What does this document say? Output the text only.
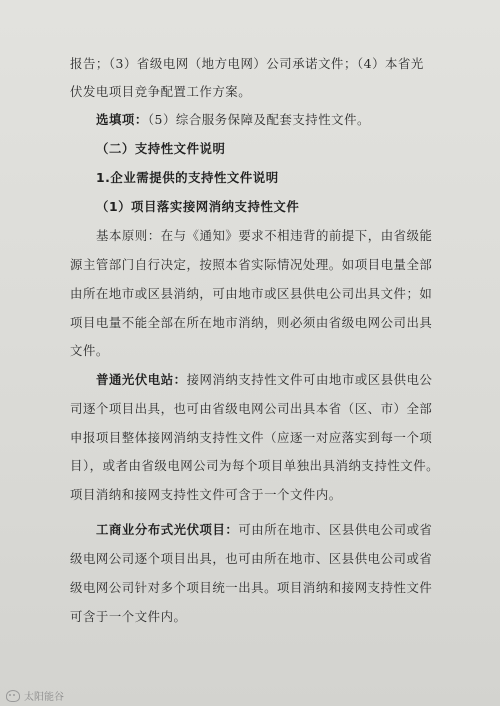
报告；（3）省级电网（地方电网）公司承诺文件；（4）本省光
伏发电项目竞争配置工作方案。
选填项：（5）综合服务保障及配套支持性文件。
（二）支持性文件说明
1.企业需提供的支持性文件说明
（1）项目落实接网消纳支持性文件
基本原则：在与《通知》要求不相违背的前提下，由省级能
源主管部门自行决定，按照本省实际情况处理。如项目电量全部
由所在地市或区县消纳，可由地市或区县供电公司出具文件；如
项目电量不能全部在所在地市消纳，则必须由省级电网公司出具
文件。
普通光伏电站：接网消纳支持性文件可由地市或区县供电公
司逐个项目出具，也可由省级电网公司出具本省（区、市）全部
申报项目整体接网消纳支持性文件（应逐一对应落实到每一个项
目），或者由省级电网公司为每个项目单独出具消纳支持性文件。
项目消纳和接网支持性文件可含于一个文件内。
工商业分布式光伏项目：可由所在地市、区县供电公司或省
级电网公司逐个项目出具，也可由所在地市、区县供电公司或省
级电网公司针对多个项目统一出具。项目消纳和接网支持性文件
可含于一个文件内。
太阳能谷
